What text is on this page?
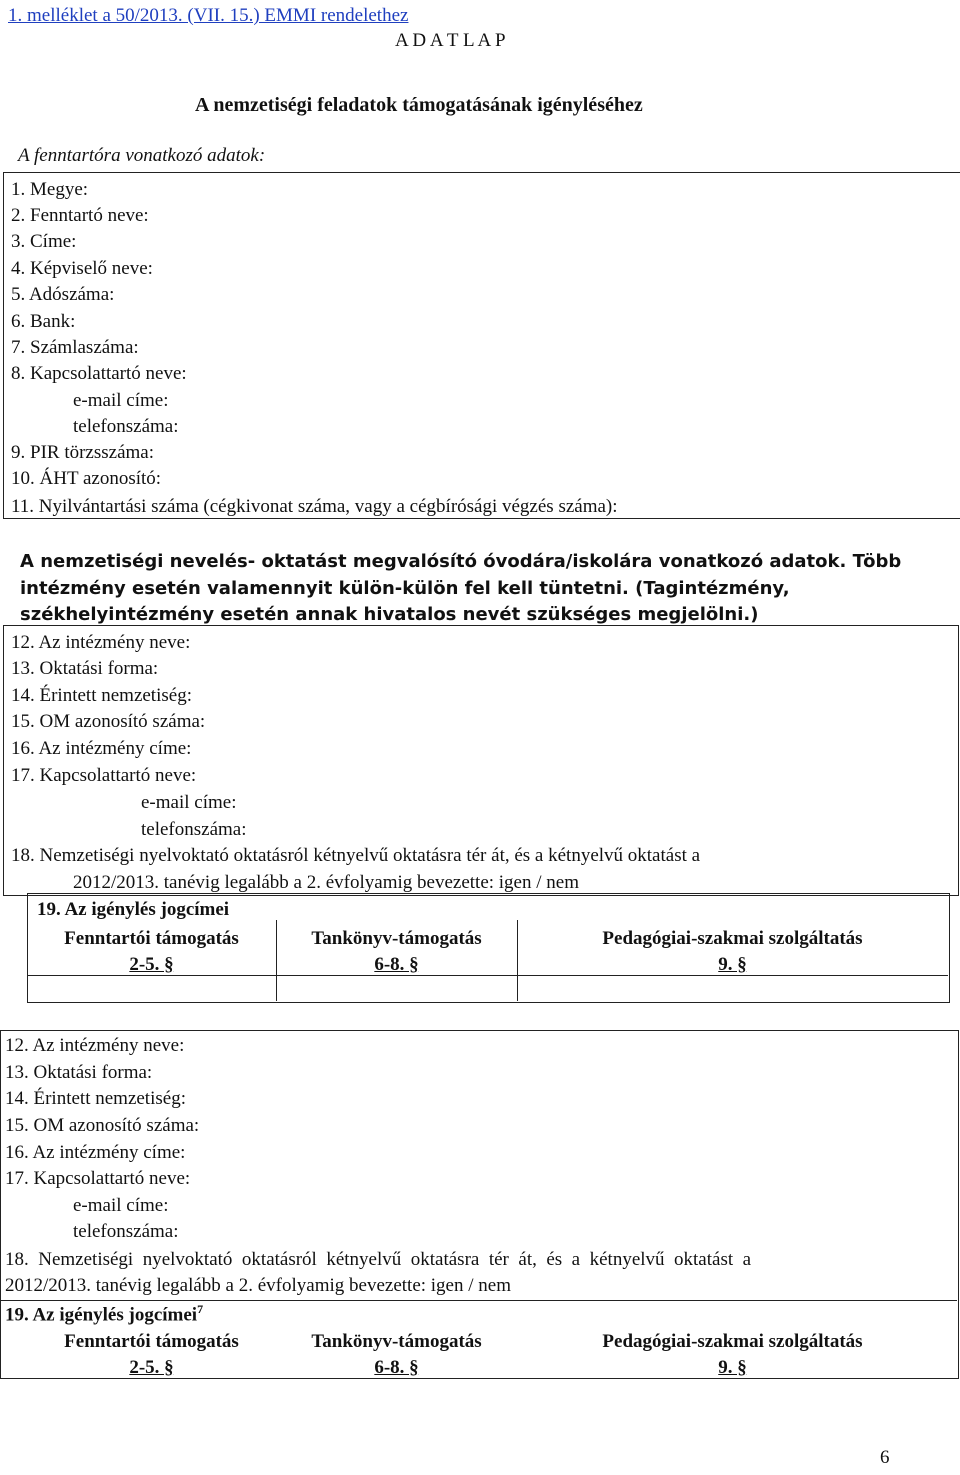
1. melléklet a 50/2013. (VII. 15.) EMMI rendelethez
A D A T L A P
A nemzetiségi feladatok támogatásának igényléséhez
A fenntartóra vonatkozó adatok:
1. Megye:
2. Fenntartó neve:
3. Címe:
4. Képviselő neve:
5. Adószáma:
6. Bank:
7. Számlaszáma:
8. Kapcsolattartó neve:
e-mail címe:
telefonszáma:
9. PIR törzsszáma:
10. ÁHT azonosító:
11. Nyilvántartási száma (cégkivonat száma, vagy a cégbírósági végzés száma):
A nemzetiségi nevelés- oktatást megvalósító óvodára/iskolára vonatkozó adatok. Több
intézmény esetén valamennyit külön-külön fel kell tüntetni. (Tagintézmény,
székhelyintézmény esetén annak hivatalos nevét szükséges megjelölni.)
12. Az intézmény neve:
13. Oktatási forma:
14. Érintett nemzetiség:
15. OM azonosító száma:
16. Az intézmény címe:
17. Kapcsolattartó neve:
e-mail címe:
telefonszáma:
18. Nemzetiségi nyelvoktató oktatásról kétnyelvű oktatásra tér át, és a kétnyelvű oktatást a
2012/2013. tanévig legalább a 2. évfolyamig bevezette: igen / nem
19. Az igénylés jogcímei
Fenntartói támogatás
2-5. §
Tankönyv-támogatás
6-8. §
Pedagógiai-szakmai szolgáltatás
9. §
12. Az intézmény neve:
13. Oktatási forma:
14. Érintett nemzetiség:
15. OM azonosító száma:
16. Az intézmény címe:
17. Kapcsolattartó neve:
e-mail címe:
telefonszáma:
18.  Nemzetiségi  nyelvoktató  oktatásról  kétnyelvű  oktatásra  tér  át,  és  a  kétnyelvű  oktatást  a
2012/2013. tanévig legalább a 2. évfolyamig bevezette: igen / nem
19. Az igénylés jogcímei$^7$
Fenntartói támogatás
2-5. §
Tankönyv-támogatás
6-8. §
Pedagógiai-szakmai szolgáltatás
9. §
6
